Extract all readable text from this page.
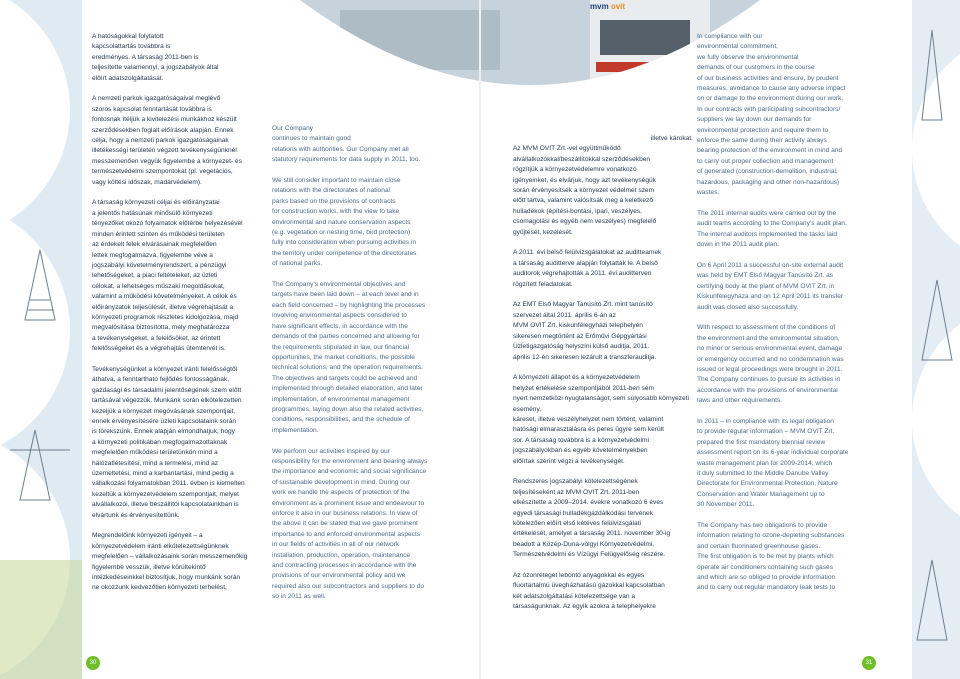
mvm ovit

A hatóságokkal folytatott
kapcsolattartás továbbra is
eredményes. A társaság 2011-ben is
teljesítette valamennyi, a jogszabályok által
előírt adatszolgáltatását.

A nemzeti parkok igazgatóságaival meglévő
szoros kapcsolat fenntartását továbbra is
fontosnak ítéljük a kivitelezési munkákhoz készült
szerződésekben foglalt előírások alapján. Ennek
célja, hogy a nemzeti parkok igazgatóságainak
illetékességi területén végzett tevékenységünknél
messzemenően vegyük figyelembe a környezet- és
természetvédelmi szempontokat (pl. vegetációs,
vagy költési időszak, madárvédelem).

A társaság környezeti céljai és előirányzatai
a jelentős hatásúnak minősülő környezeti
tényezőket okozó folyamatok előtérbe helyezésével
minden érintett szinten és működési területen
az érdekelt felek elvárásainak megfelelően
lettek megfogalmazva, figyelembe véve a
jogszabályi követelményrendszert, a pénzügyi
lehetőségeket, a piaci feltételeket, az üzleti
célokat, a lehetséges műszaki megoldásokat,
valamint a működési követelményeket. A célok és
előirányzatok teljesülését, illetve végrehajtását a
környezeti programok részletes kidolgozása, majd
megvalósítása biztosította, mely meghatározza
a tevékenységeket, a felelősöket, az érintett
felelősségeket és a végrehajtás ütemtervét is.

Tevékenységünket a környezet iránti felelősségtől
áthatva, a fenntartható fejlődés fontosságának,
gazdasági és társadalmi jelentőségének szem előtt
tartásával végezzük. Munkánk során elkötelezetten
kezeljük a környezet megóvásának szempontjait,
ennek érvényesítésére üzleti kapcsolataink során
is törekszünk. Ennek alapján elmondhatjuk, hogy
a környezeti politikában megfogalmazottaknak
megfelelően működési területünkön mind a
hálózatlétesítési, mind a termelési, mind az
üzemeltetési, mind a karbantartási, mind pedig a
vállalkozási folyamatokban 2011. évben is kiemelten
kezeltük a környezetvédelem szempontjait, melyet
alvállalkozói, illetve beszállítói kapcsolatainkban is
elvártunk és érvényesítettünk.

Megrendelőink környezeti igényeit – a
környezetvédelem iránti elkötelezettségünknek
megfelelően – vállalkozásaink során messzemenőkig
figyelembe vesszük, illetve körültekintő
intézkedéseinkkel biztosítjuk, hogy munkánk során
ne okozzunk kedvezőtlen környezeti terhelést,

Our Company
continues to maintain good
relations with authorities. Our Company met all
statutory requirements for data supply in 2011, too.

We still consider important to maintain close
relations with the directorates of national
parks based on the provisions of contracts
for construction works, with the view to take
environmental and nature conservation aspects
(e.g. vegetation or nesting time, bird protection)
fully into consideration when pursuing activities in
the territory under competence of the directorates
of national parks.

The Company’s environmental objectives and
targets have been laid down – at each level and in
each field concerned – by highlighting the processes
involving environmental aspects considered to
have significant effects, in accordance with the
demands of the parties concerned and allowing for
the requirements stipulated in law, our financial
opportunities, the market conditions, the possible
technical solutions, and the operation requirements.
The objectives and targets could be achieved and
implemented through detailed elaboration, and later
implementation, of environmental management
programmes, laying down also the related activities,
conditions, responsibilities, and the schedule of
implementation.

We perform our activities inspired by our
responsibility for the environment and bearing always
the importance and economic and social significance
of sustainable development in mind. During our
work we handle the aspects of protection of the
environment as a prominent issue and endeavour to
enforce it also in our business relations. In view of
the above it can be stated that we gave prominent
importance to and enforced environmental aspects
in our fields of activities in all of our network
installation, production, operation, maintenance
and contracting processes in accordance with the
provisions of our environmental policy and we
required also our subcontractors and suppliers to do
so in 2011 as well.

illetve károkat.

Az MVM OVIT Zrt.-vel együttműködő
alvállalkozókkal/beszállítókkal szerződésekben
rögzítjük a környezetvédelemre vonatkozó
igényeinket, és elvárjuk, hogy azt tevékenységük
során érvényesítsék a környezet védelmét szem
előtt tartva, valamint valósítsák meg a keletkező
hulladékok (építési-bontási, ipari, veszélyes,
csomagolási és egyéb nem veszélyes) megfelelő
gyűjtését, kezelését.

A 2011. évi belső felülvizsgálatokat az auditteamek
a társaság auditterve alapján folytatták le. A belső
auditorok végrehajtották a 2011. évi auditterven
rögzített feladatokat.

Az EMT Első Magyar Tanúsító Zrt. mint tanúsító
szervezet által 2011. április 6-án az
MVM OVIT Zrt. kiskunfélegyházi telephelyén
sikeresen megtörtént az Erőművi Gépgyártási
Üzletigazgatóság helyszíni külső auditja, 2011.
április 12-én sikeresen lezárult a transzferauditja.

A környezeti állapot és a környezetvédelem
helyzet értékelése szempontjából 2011-ben sem
nyert nemzetközi nyugtalanságot, sem súlyosabb környezeti esemény,
káreset, illetve veszélyhelyzet nem történt, valamint
hatósági elmarasztalásra és peres ügyre sem került
sor. A társaság továbbra is a környezetvédelmi
jogszabályokban és egyéb követelményekben
előírtak szerint végzi a tevékenységét.

Rendszeres jogszabályi kötelezettségének
teljesítéseként az MVM OVIT Zrt. 2011-ben
elkészítette a 2009–2014. évekre vonatkozó 6 éves
egyedi társasági hulladékgazdálkodási tervének
kötelezően előírt első kétéves felülvizsgálati
értékelését, amelyet a társaság 2011. november 30-ig
beadott a Közép-Duna-völgyi Környezetvédelmi,
Természetvédelmi és Vízügyi Felügyelőség részére.

Az ózonréteget lebontó anyagokkal és egyes
fluortartalmú üvegházhatású gázokkal kapcsolatban
két adatszolgáltatási kötelezettsége van a
társaságunknak. Az egyik azokra a telephelyekre

In compliance with our
environmental commitment,
we fully observe the environmental
demands of our customers in the course
of our business activities and ensure, by prudent
measures, avoidance to cause any adverse impact
on or damage to the environment during our work.
In our contracts with participating subcontractors/
suppliers we lay down our demands for
environmental protection and require them to
enforce the same during their activity always
bearing protection of the environment in mind and
to carry out proper collection and management
of generated (construction-demolition, industrial,
hazardous, packaging and other non-hazardous)
wastes.

The 2011 internal audits were carried out by the
audit teams according to the Company’s audit plan.
The internal auditors implemented the tasks laid
down in the 2011 audit plan.

On 6 April 2011 a successful on-site external audit
was held by EMT Első Magyar Tanúsító Zrt. as
certifying body at the plant of MVM OVIT Zrt. in
Kiskunfélegyháza and on 12 April 2011 its transfer
audit was closed also successfully.

With respect to assessment of the conditions of
the environment and the environmental situation,
no minor or serious environmental event, damage
or emergency occurred and no condemnation was
issued or legal proceedings were brought in 2011.
The Company continues to pursue its activities in
accordance with the provisions of environmental
laws and other requirements.

In 2011 – in compliance with its legal obligation
to provide regular information – MVM OVIT Zrt.
prepared the first mandatory biennial review
assessment report on its 6-year individual corporate
waste management plan for 2009-2014, which
it duly submitted to the Middle Danube Valley
Directorate for Environmental Protection, Nature
Conservation and Water Management up to
30 November 2011.

The Company has two obligations to provide
information relating to ozone-depleting substances
and certain fluorinated greenhouse gases.
The first obligation is to be met by plants which
operate air conditioners containing such gases
and which are so obliged to provide information
and to carry out regular mandatory leak tests to

30	31
